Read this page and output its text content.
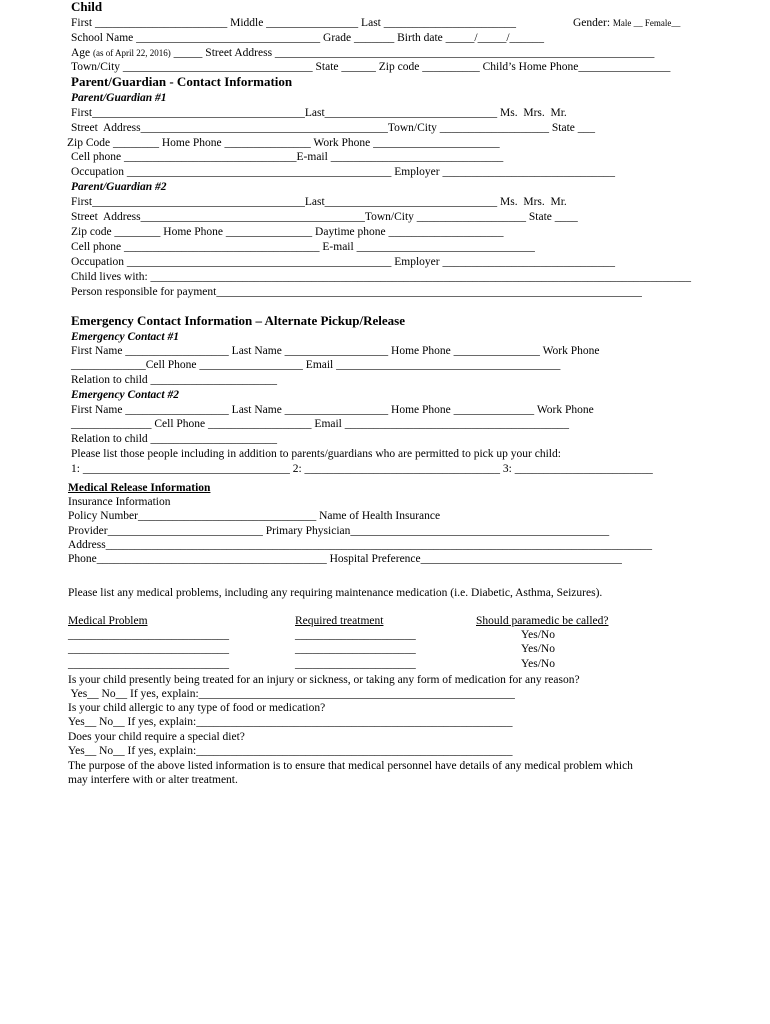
Child
First _______________________ Middle ________________ Last _______________________	Gender: Male __ Female__
School Name ________________________________ Grade _______ Birth date _____/_____/______
Age (as of April 22, 2016) _____ Street Address __________________________________________________________________
Town/City _________________________________ State ______ Zip code __________ Child’s Home Phone________________
Parent/Guardian - Contact Information
Parent/Guardian #1
First_____________________________________Last______________________________ Ms.  Mrs.  Mr.
Street  Address___________________________________________Town/City ___________________ State ___
Zip Code ________ Home Phone _______________ Work Phone ______________________
Cell phone ______________________________E-mail ______________________________
Occupation ______________________________________________ Employer ______________________________
Parent/Guardian #2
First_____________________________________Last______________________________ Ms.  Mrs.  Mr.
Street  Address_______________________________________Town/City ___________________ State ____
Zip code ________ Home Phone _______________ Daytime phone ____________________
Cell phone __________________________________ E-mail _______________________________
Occupation ______________________________________________ Employer ______________________________
Child lives with: ______________________________________________________________________________________________
Person responsible for payment__________________________________________________________________________
Emergency Contact Information – Alternate Pickup/Release
Emergency Contact #1
First Name __________________ Last Name __________________ Home Phone _______________ Work Phone
_____________Cell Phone __________________ Email _______________________________________
Relation to child ______________________
Emergency Contact #2
First Name __________________ Last Name __________________ Home Phone ______________ Work Phone
______________ Cell Phone __________________ Email _______________________________________
Relation to child ______________________
Please list those people including in addition to parents/guardians who are permitted to pick up your child:
1: ____________________________________ 2: __________________________________ 3: ________________________
Medical Release Information
Insurance Information
Policy Number_______________________________ Name of Health Insurance
Provider___________________________ Primary Physician_____________________________________________
Address_______________________________________________________________________________________________
Phone________________________________________ Hospital Preference___________________________________
Please list any medical problems, including any requiring maintenance medication (i.e. Diabetic, Asthma, Seizures).
Medical Problem	Required treatment	Should paramedic be called?
____________________________	_____________________	Yes/No
____________________________	_____________________	Yes/No
____________________________	_____________________	Yes/No
Is your child presently being treated for an injury or sickness, or taking any form of medication for any reason?
Yes__ No__ If yes, explain:_______________________________________________________
Is your child allergic to any type of food or medication?
Yes__ No__ If yes, explain:_______________________________________________________
Does your child require a special diet?
Yes__ No__ If yes, explain:_______________________________________________________
The purpose of the above listed information is to ensure that medical personnel have details of any medical problem which
may interfere with or alter treatment.
